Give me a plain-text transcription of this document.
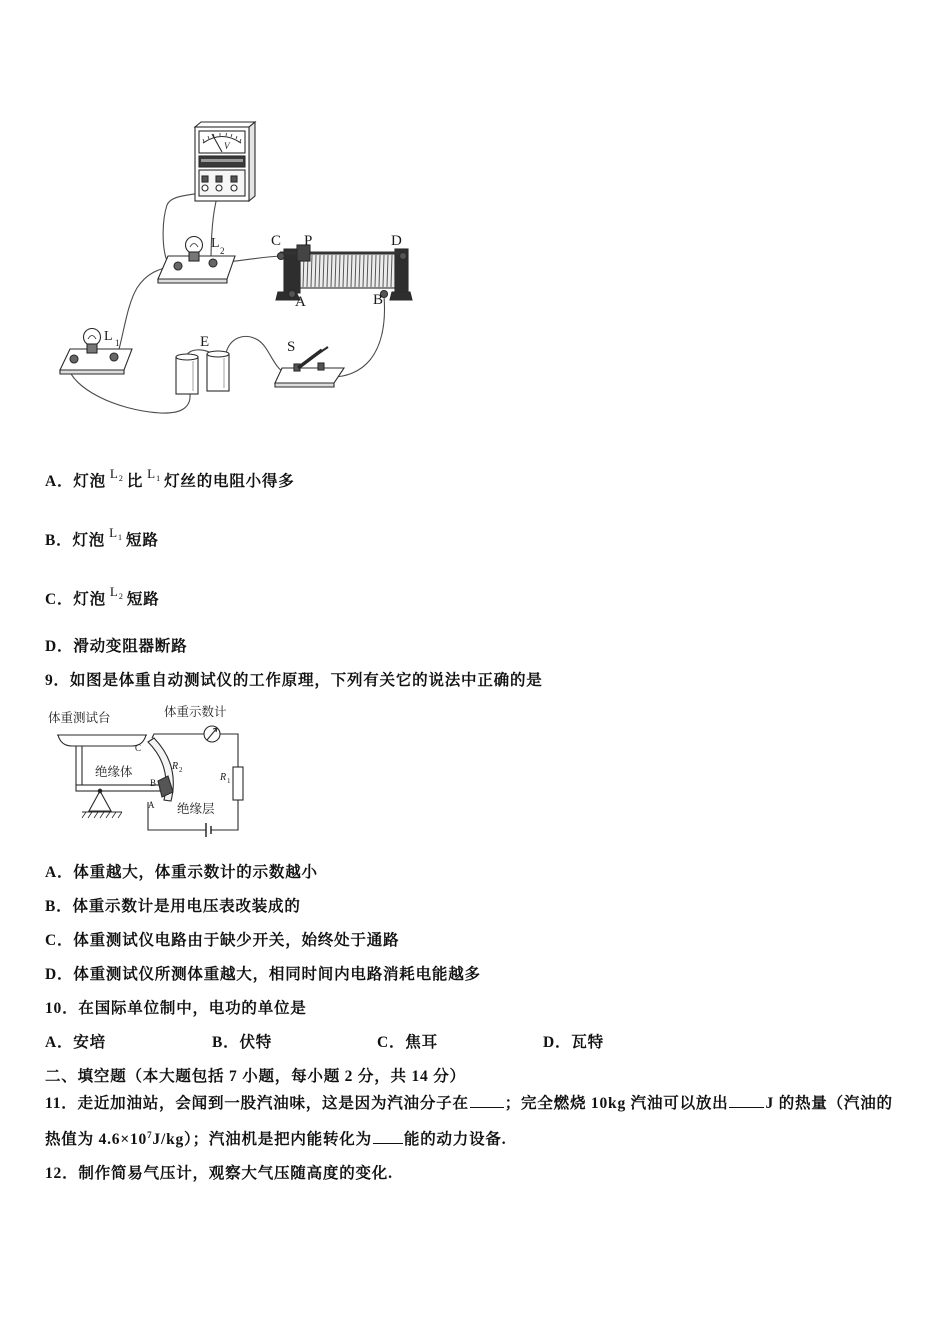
V
L 2
L 1
C P	D
A	B
S
E
A．灯泡 $^{L_2}$ 比 $^{L_1}$ 灯丝的电阻小得多
B．灯泡 $^{L_1}$ 短路
C．灯泡 $^{L_2}$ 短路
D．滑动变阻器断路
9．如图是体重自动测试仪的工作原理，下列有关它的说法中正确的是
体重测试台	体重示数计
绝缘体
C
B
A
R 2
R 1
绝缘层
A．体重越大，体重示数计的示数越小
B．体重示数计是用电压表改装成的
C．体重测试仪电路由于缺少开关，始终处于通路
D．体重测试仪所测体重越大，相同时间内电路消耗电能越多
10．在国际单位制中，电功的单位是
A．安培	B．伏特	C．焦耳	D．瓦特
二、填空题（本大题包括 7 小题，每小题 2 分，共 14 分）
11．走近加油站，会闻到一股汽油味，这是因为汽油分子在 ；完全燃烧 10kg 汽油可以放出 J 的热量（汽油的
热值为 $4.6\times 10^7J/kg$）；汽油机是把内能转化为 能的动力设备.
12．制作简易气压计，观察大气压随高度的变化.
